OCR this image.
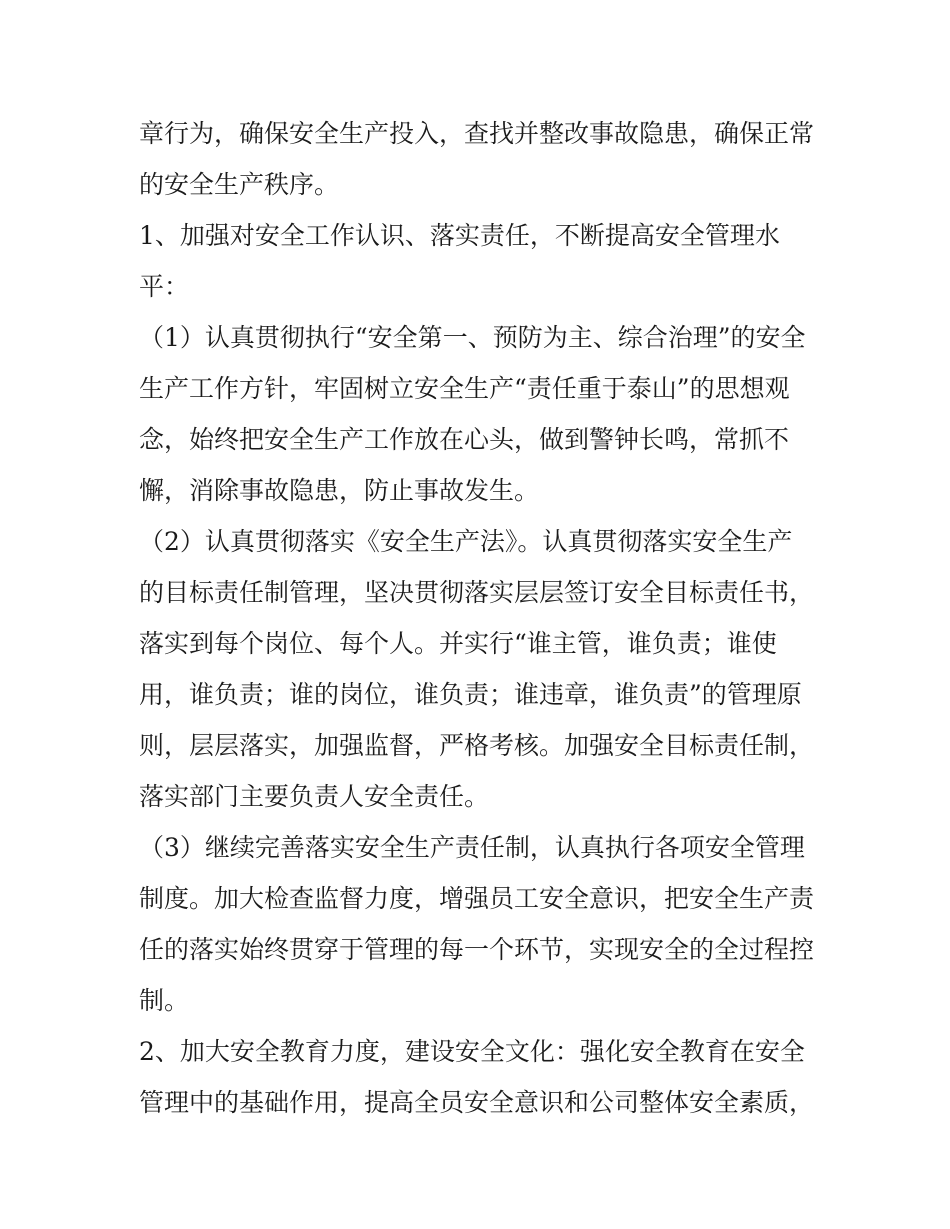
章行为，确保安全生产投入，查找并整改事故隐患，确保正常
的安全生产秩序。
1、加强对安全工作认识、落实责任，不断提高安全管理水
平：
（1）认真贯彻执行“安全第一、预防为主、综合治理”的安全
生产工作方针，牢固树立安全生产“责任重于泰山”的思想观
念，始终把安全生产工作放在心头，做到警钟长鸣，常抓不
懈，消除事故隐患，防止事故发生。
（2）认真贯彻落实《安全生产法》。认真贯彻落实安全生产
的目标责任制管理，坚决贯彻落实层层签订安全目标责任书，
落实到每个岗位、每个人。并实行“谁主管，谁负责；谁使
用，谁负责；谁的岗位，谁负责；谁违章，谁负责”的管理原
则，层层落实，加强监督，严格考核。加强安全目标责任制，
落实部门主要负责人安全责任。
（3）继续完善落实安全生产责任制，认真执行各项安全管理
制度。加大检查监督力度，增强员工安全意识，把安全生产责
任的落实始终贯穿于管理的每一个环节，实现安全的全过程控
制。
2、加大安全教育力度，建设安全文化：强化安全教育在安全
管理中的基础作用，提高全员安全意识和公司整体安全素质，
